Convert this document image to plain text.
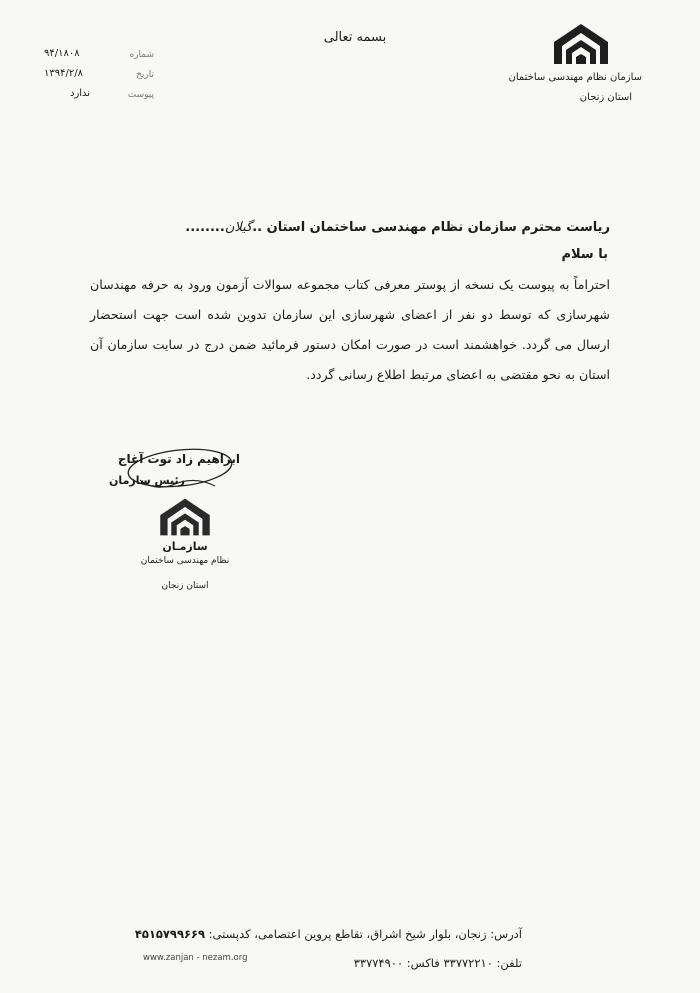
بسمه تعالی
سازمان نظام مهندسی ساختمان
استان زنجان
۹۴/۱۸۰۸	شماره
۱۳۹۴/۲/۸	تاریخ
ندارد	پیوست
ریاست محترم سازمان نظام مهندسی ساختمان استان ..گیلان........
با سلام
احتراماً به پیوست یک نسخه از پوستر معرفی کتاب مجموعه سوالات آزمون ورود به حرفه مهندسان شهرسازی که توسط دو نفر از اعضای شهرسازی این سازمان تدوین شده است جهت استحضار ارسال می گردد. خواهشمند است در صورت امکان دستور فرمائید ضمن درج در سایت سازمان آن استان به نحو مقتضی به اعضای مرتبط اطلاع رسانی گردد.
ابراهیم زاد توت آغاج
رئیس سازمان
سازمـان
نظام مهندسی ساختمان
استان زنجان
آدرس: زنجان، بلوار شیخ اشراق، تقاطع پروین اعتصامی، کدپستی: ۴۵۱۵۷۹۹۶۶۹
تلفن: ۳۳۷۷۲۲۱۰ فاکس: ۳۳۷۷۴۹۰۰
www.zanjan - nezam.org
